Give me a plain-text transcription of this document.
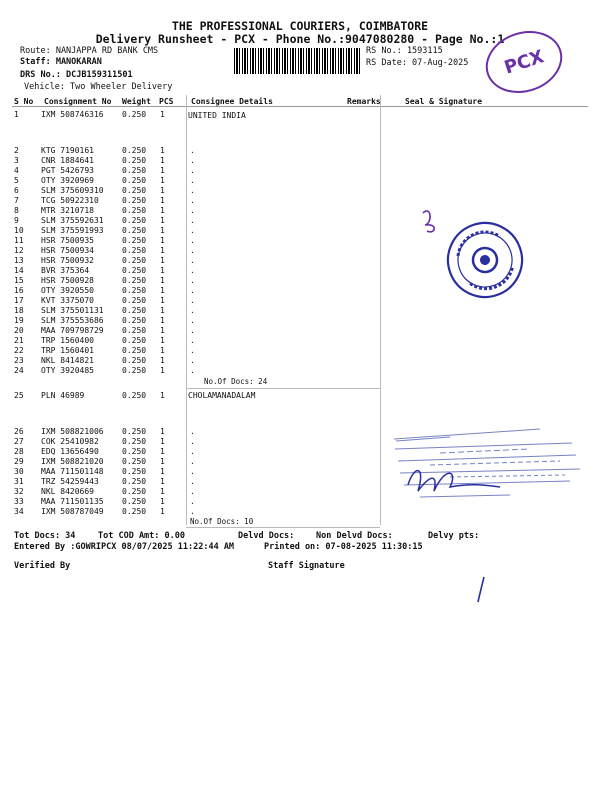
THE PROFESSIONAL COURIERS, COIMBATORE
Delivery Runsheet - PCX - Phone No.:9047080280 - Page No.:1
Route: NANJAPPA RD BANK CMS
Staff: MANOKARAN
DRS No.: DCJB159311501
Vehicle: Two Wheeler Delivery
RS No.: 1593115
RS Date: 07-Aug-2025 PCX
S No Consignment No Weight PCS Consignee Details	Remarks	Seal & Signature
UNITED INDIA
1	IXM 508746316 0.250 1
2	KTG 7190161	0.250 1	.
3	CNR 1884641	0.250 1	.
4	PGT 5426793	0.250 1	.
5	OTY 3920969	0.250 1	.
6	SLM 375609310 0.250 1	.
7	TCG 50922310	0.250 1	.
8	MTR 3210718	0.250 1	.
9	SLM 375592631 0.250 1	.
10 SLM 375591993 0.250 1	.
11 HSR 7500935	0.250 1	.
12 HSR 7500934	0.250 1	.
13 HSR 7500932	0.250 1	.
14 BVR 375364	0.250 1	.
15 HSR 7500928	0.250 1	.
16 OTY 3920550	0.250 1	.
17 KVT 3375070	0.250 1	.
18 SLM 375501131 0.250 1	.
19 SLM 375553686 0.250 1	.
20 MAA 709798729 0.250 1	.
21 TRP 1560400	0.250 1	.
22 TRP 1560401	0.250 1	.
23 NKL 8414821	0.250 1	.
24 OTY 3920485	0.250 1	.
No.Of Docs: 24
CHOLAMANADALAM
25 PLN 46989	0.250 1
26 IXM 508821006 0.250 1	.
27 COK 25410982	0.250 1	.
28 EDQ 13656490	0.250 1	.
29 IXM 508821020 0.250 1	.
30 MAA 711501148 0.250 1	.
31 TRZ 54259443	0.250 1	.
32 NKL 8420669	0.250 1	.
33 MAA 711501135 0.250 1	.
34 IXM 508787049 0.250 1	.
No.Of Docs: 10
Tot Docs: 34	Tot COD Amt: 0.00	Delvd Docs:	Non Delvd Docs:	Delvy pts:
Entered By :GOWRIPCX 08/07/2025 11:22:44 AM	Printed on: 07-08-2025 11:30:15
Verified By	Staff Signature
